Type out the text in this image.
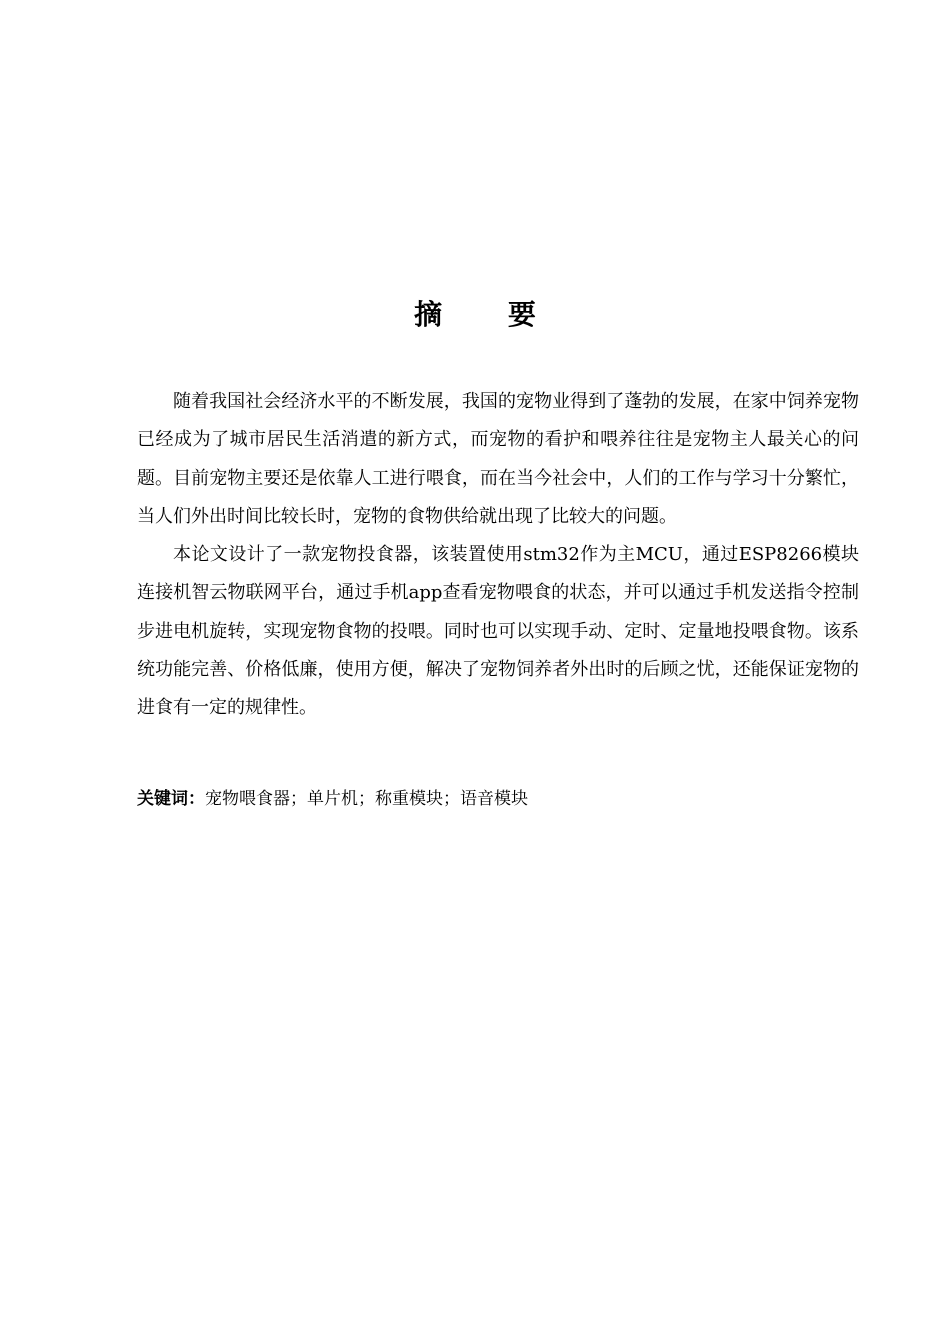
摘 要

随着我国社会经济水平的不断发展，我国的宠物业得到了蓬勃的发展，在家中饲养宠物已经成为了城市居民生活消遣的新方式，而宠物的看护和喂养往往是宠物主人最关心的问题。目前宠物主要还是依靠人工进行喂食，而在当今社会中，人们的工作与学习十分繁忙，当人们外出时间比较长时，宠物的食物供给就出现了比较大的问题。

本论文设计了一款宠物投食器，该装置使用stm32作为主MCU，通过ESP8266模块连接机智云物联网平台，通过手机app查看宠物喂食的状态，并可以通过手机发送指令控制步进电机旋转，实现宠物食物的投喂。同时也可以实现手动、定时、定量地投喂食物。该系统功能完善、价格低廉，使用方便，解决了宠物饲养者外出时的后顾之忧，还能保证宠物的进食有一定的规律性。

关键词：宠物喂食器；单片机；称重模块；语音模块
